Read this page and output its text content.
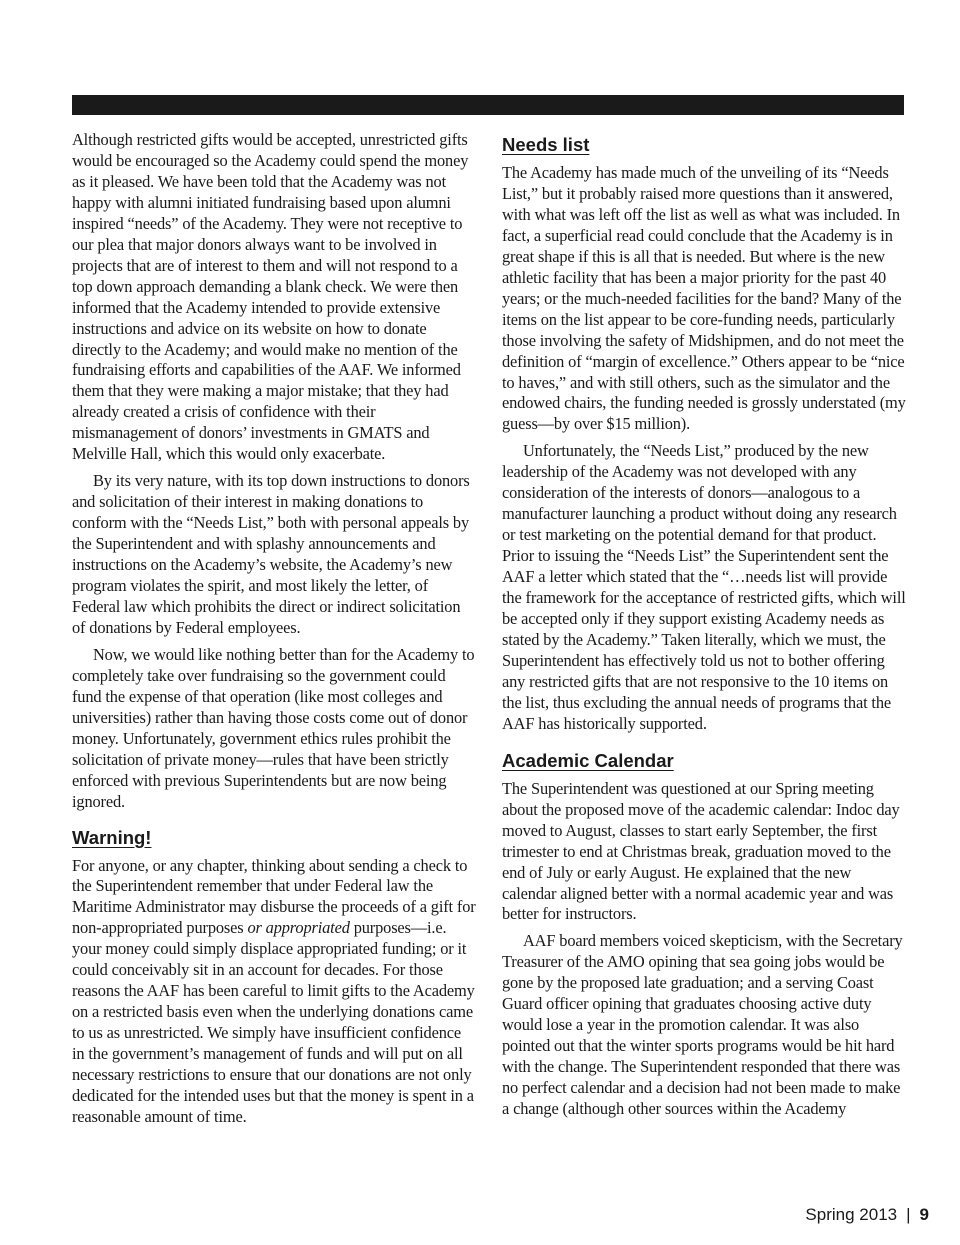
Although restricted gifts would be accepted, unrestricted gifts would be encouraged so the Academy could spend the money as it pleased. We have been told that the Academy was not happy with alumni initiated fundraising based upon alumni inspired “needs” of the Academy. They were not receptive to our plea that major donors always want to be involved in projects that are of interest to them and will not respond to a top down approach demanding a blank check. We were then informed that the Academy intended to provide extensive instructions and advice on its website on how to donate directly to the Academy; and would make no mention of the fundraising efforts and capabilities of the AAF. We informed them that they were making a major mistake; that they had already created a crisis of confidence with their mismanagement of donors’ investments in GMATS and Melville Hall, which this would only exacerbate.

By its very nature, with its top down instructions to donors and solicitation of their interest in making donations to conform with the “Needs List,” both with personal appeals by the Superintendent and with splashy announcements and instructions on the Academy’s website, the Academy’s new program violates the spirit, and most likely the letter, of Federal law which prohibits the direct or indirect solicitation of donations by Federal employees.

Now, we would like nothing better than for the Academy to completely take over fundraising so the government could fund the expense of that operation (like most colleges and universities) rather than having those costs come out of donor money. Unfortunately, government ethics rules prohibit the solicitation of private money—rules that have been strictly enforced with previous Superintendents but are now being ignored.

Warning!

For anyone, or any chapter, thinking about sending a check to the Superintendent remember that under Federal law the Maritime Administrator may disburse the proceeds of a gift for non-appropriated purposes or appropriated purposes—i.e. your money could simply displace appropriated funding; or it could conceivably sit in an account for decades. For those reasons the AAF has been careful to limit gifts to the Academy on a restricted basis even when the underlying donations came to us as unrestricted. We simply have insufficient confidence in the government’s management of funds and will put on all necessary restrictions to ensure that our donations are not only dedicated for the intended uses but that the money is spent in a reasonable amount of time.

Needs list

The Academy has made much of the unveiling of its “Needs List,” but it probably raised more questions than it answered, with what was left off the list as well as what was included. In fact, a superficial read could conclude that the Academy is in great shape if this is all that is needed. But where is the new athletic facility that has been a major priority for the past 40 years; or the much-needed facilities for the band? Many of the items on the list appear to be core-funding needs, particularly those involving the safety of Midshipmen, and do not meet the definition of “margin of excellence.” Others appear to be “nice to haves,” and with still others, such as the simulator and the endowed chairs, the funding needed is grossly understated (my guess—by over $15 million).

Unfortunately, the “Needs List,” produced by the new leadership of the Academy was not developed with any consideration of the interests of donors—analogous to a manufacturer launching a product without doing any research or test marketing on the potential demand for that product. Prior to issuing the “Needs List” the Superintendent sent the AAF a letter which stated that the “…needs list will provide the framework for the acceptance of restricted gifts, which will be accepted only if they support existing Academy needs as stated by the Academy.” Taken literally, which we must, the Superintendent has effectively told us not to bother offering any restricted gifts that are not responsive to the 10 items on the list, thus excluding the annual needs of programs that the AAF has historically supported.

Academic Calendar

The Superintendent was questioned at our Spring meeting about the proposed move of the academic calendar: Indoc day moved to August, classes to start early September, the first trimester to end at Christmas break, graduation moved to the end of July or early August. He explained that the new calendar aligned better with a normal academic year and was better for instructors.

AAF board members voiced skepticism, with the Secretary Treasurer of the AMO opining that sea going jobs would be gone by the proposed late graduation; and a serving Coast Guard officer opining that graduates choosing active duty would lose a year in the promotion calendar. It was also pointed out that the winter sports programs would be hit hard with the change. The Superintendent responded that there was no perfect calendar and a decision had not been made to make a change (although other sources within the Academy

Spring 2013 | 9
